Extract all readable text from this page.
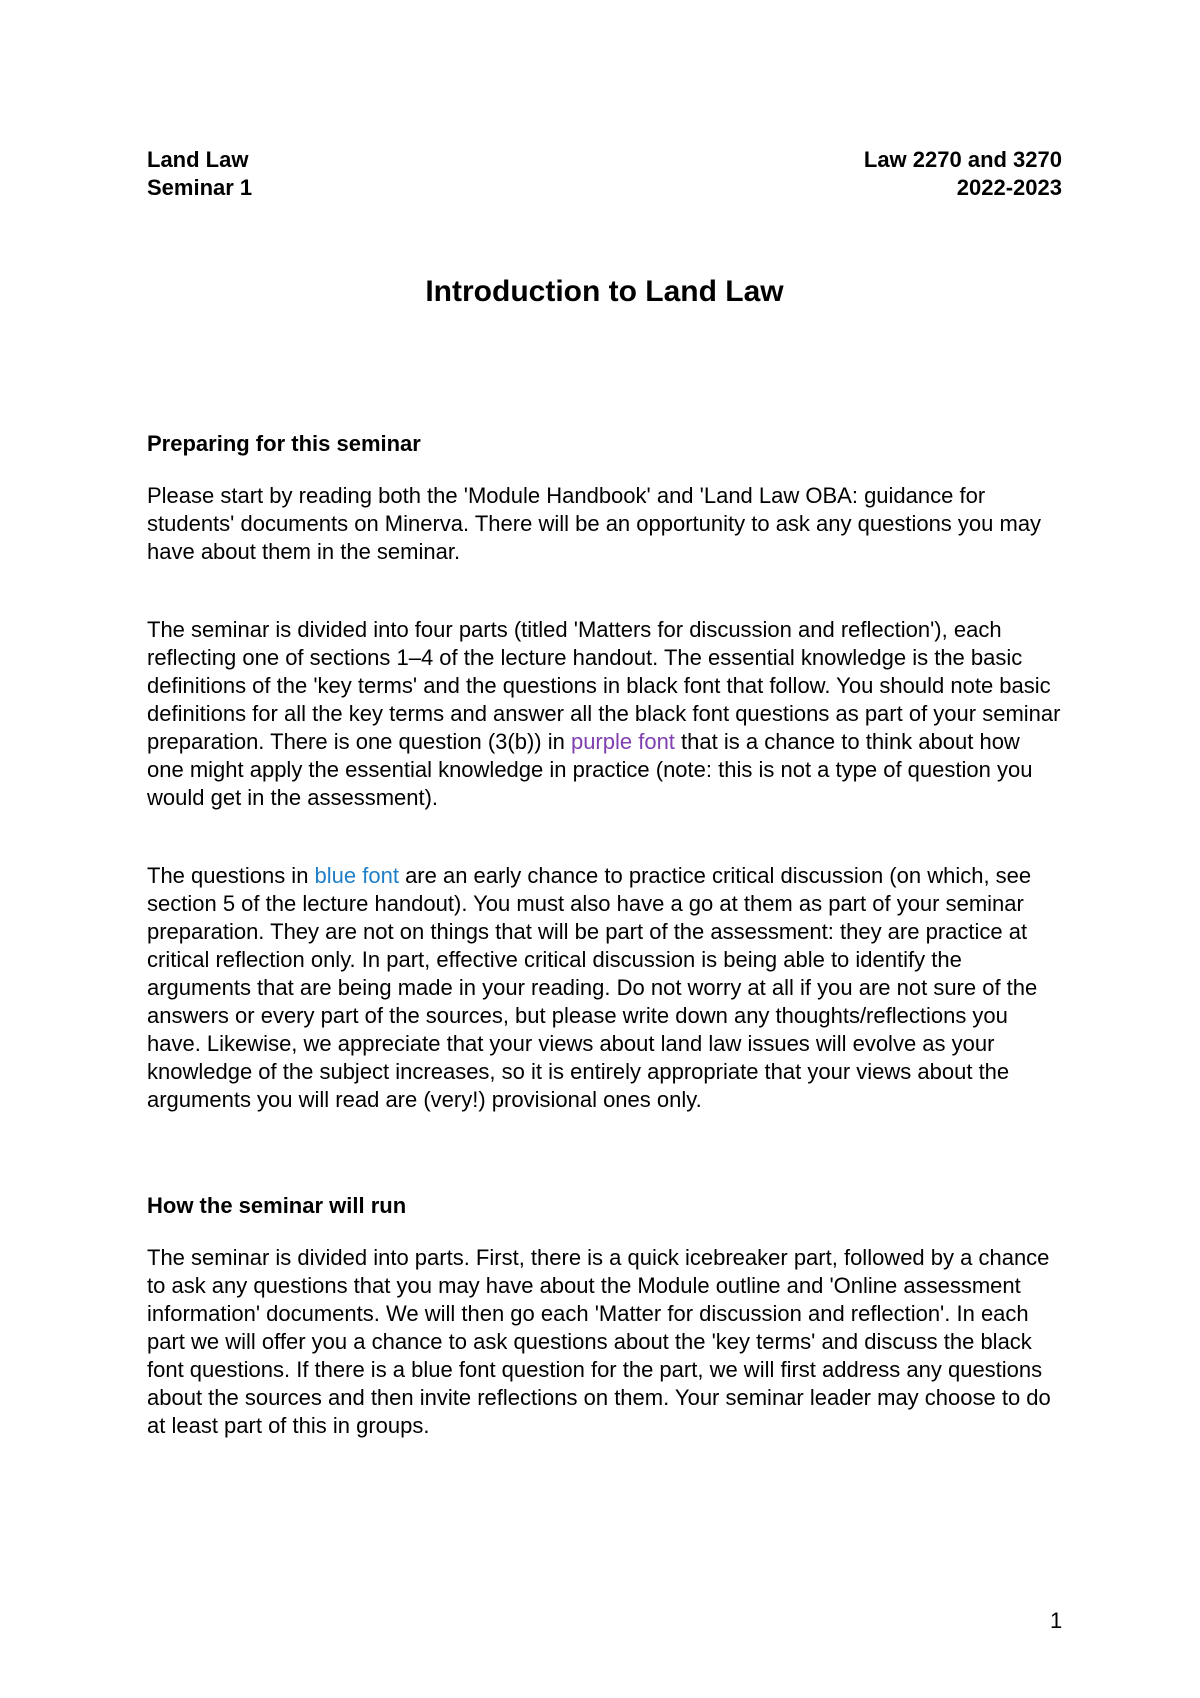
Land Law	Law 2270 and 3270
Seminar 1	2022-2023
Introduction to Land Law
Preparing for this seminar

Please start by reading both the 'Module Handbook' and 'Land Law OBA: guidance for students' documents on Minerva. There will be an opportunity to ask any questions you may have about them in the seminar.

The seminar is divided into four parts (titled 'Matters for discussion and reflection'), each reflecting one of sections 1–4 of the lecture handout. The essential knowledge is the basic definitions of the 'key terms' and the questions in black font that follow. You should note basic definitions for all the key terms and answer all the black font questions as part of your seminar preparation. There is one question (3(b)) in purple font that is a chance to think about how one might apply the essential knowledge in practice (note: this is not a type of question you would get in the assessment).

The questions in blue font are an early chance to practice critical discussion (on which, see section 5 of the lecture handout). You must also have a go at them as part of your seminar preparation. They are not on things that will be part of the assessment: they are practice at critical reflection only. In part, effective critical discussion is being able to identify the arguments that are being made in your reading. Do not worry at all if you are not sure of the answers or every part of the sources, but please write down any thoughts/reflections you have. Likewise, we appreciate that your views about land law issues will evolve as your knowledge of the subject increases, so it is entirely appropriate that your views about the arguments you will read are (very!) provisional ones only.

How the seminar will run

The seminar is divided into parts. First, there is a quick icebreaker part, followed by a chance to ask any questions that you may have about the Module outline and 'Online assessment information' documents. We will then go each 'Matter for discussion and reflection'. In each part we will offer you a chance to ask questions about the 'key terms' and discuss the black font questions. If there is a blue font question for the part, we will first address any questions about the sources and then invite reflections on them. Your seminar leader may choose to do at least part of this in groups.

1
